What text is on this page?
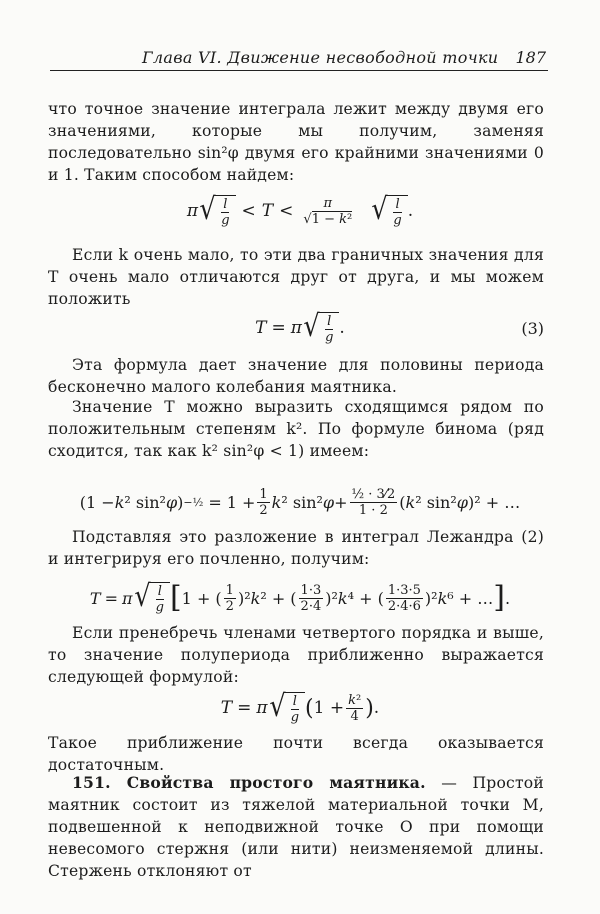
Глава VI. Движение несвободной точки 187
что точное значение интеграла лежит между двумя его значениями, которые мы получим, заменяя последовательно sin²φ двумя его крайними значениями 0 и 1. Таким способом найдем:
π √ $\frac{l}{g} < T < \frac{\pi}{\text{√1 − k²}}$ √ $\frac{l}{g}$ .
Если k очень мало, то эти два граничных значения для T очень мало отличаются друг от друга, и мы можем положить
T = π √ $\frac{l}{g}$ .	(3)
Эта формула дает значение для половины периода бесконечно малого колебания маятника.
Значение T можно выразить сходящимся рядом по положительным степеням k². По формуле бинома (ряд сходится, так как k² sin²φ < 1) имеем:
(1 − k ² sin² φ ) −½ = $1 + \frac{1}{2}$ k ² sin² $\varphi + \frac{\text{½ · 3⁄2}}{1 \cdot 2}$ ( k ² sin² φ )² + …
Подставляя это разложение в интеграл Лежандра (2) и интегрируя его почленно, получим:
T = π √ $\frac{l}{g}$ [ 1 + ( $\frac{1}{2} )^2$ k ² + ( $\frac{1\cdot 3}{2\cdot 4} )^2$ k ⁴ + ( $\frac{1\cdot 3\cdot 5}{2\cdot 4\cdot 6} )^2$ k ⁶ + … ] .
Если пренебречь членами четвертого порядка и выше, то значение полупериода приближенно выражается следующей формулой:
T = π √ $\frac{l}{g}$ ( $1 + \frac{\text{k²}}{4}$ ) .
Такое приближение почти всегда оказывается достаточным.
151. Свойства простого маятника. — Простой маятник состоит из тяжелой материальной точки M, подвешенной к неподвижной точке O при помощи невесомого стержня (или нити) неизменяемой длины. Стержень отклоняют от
